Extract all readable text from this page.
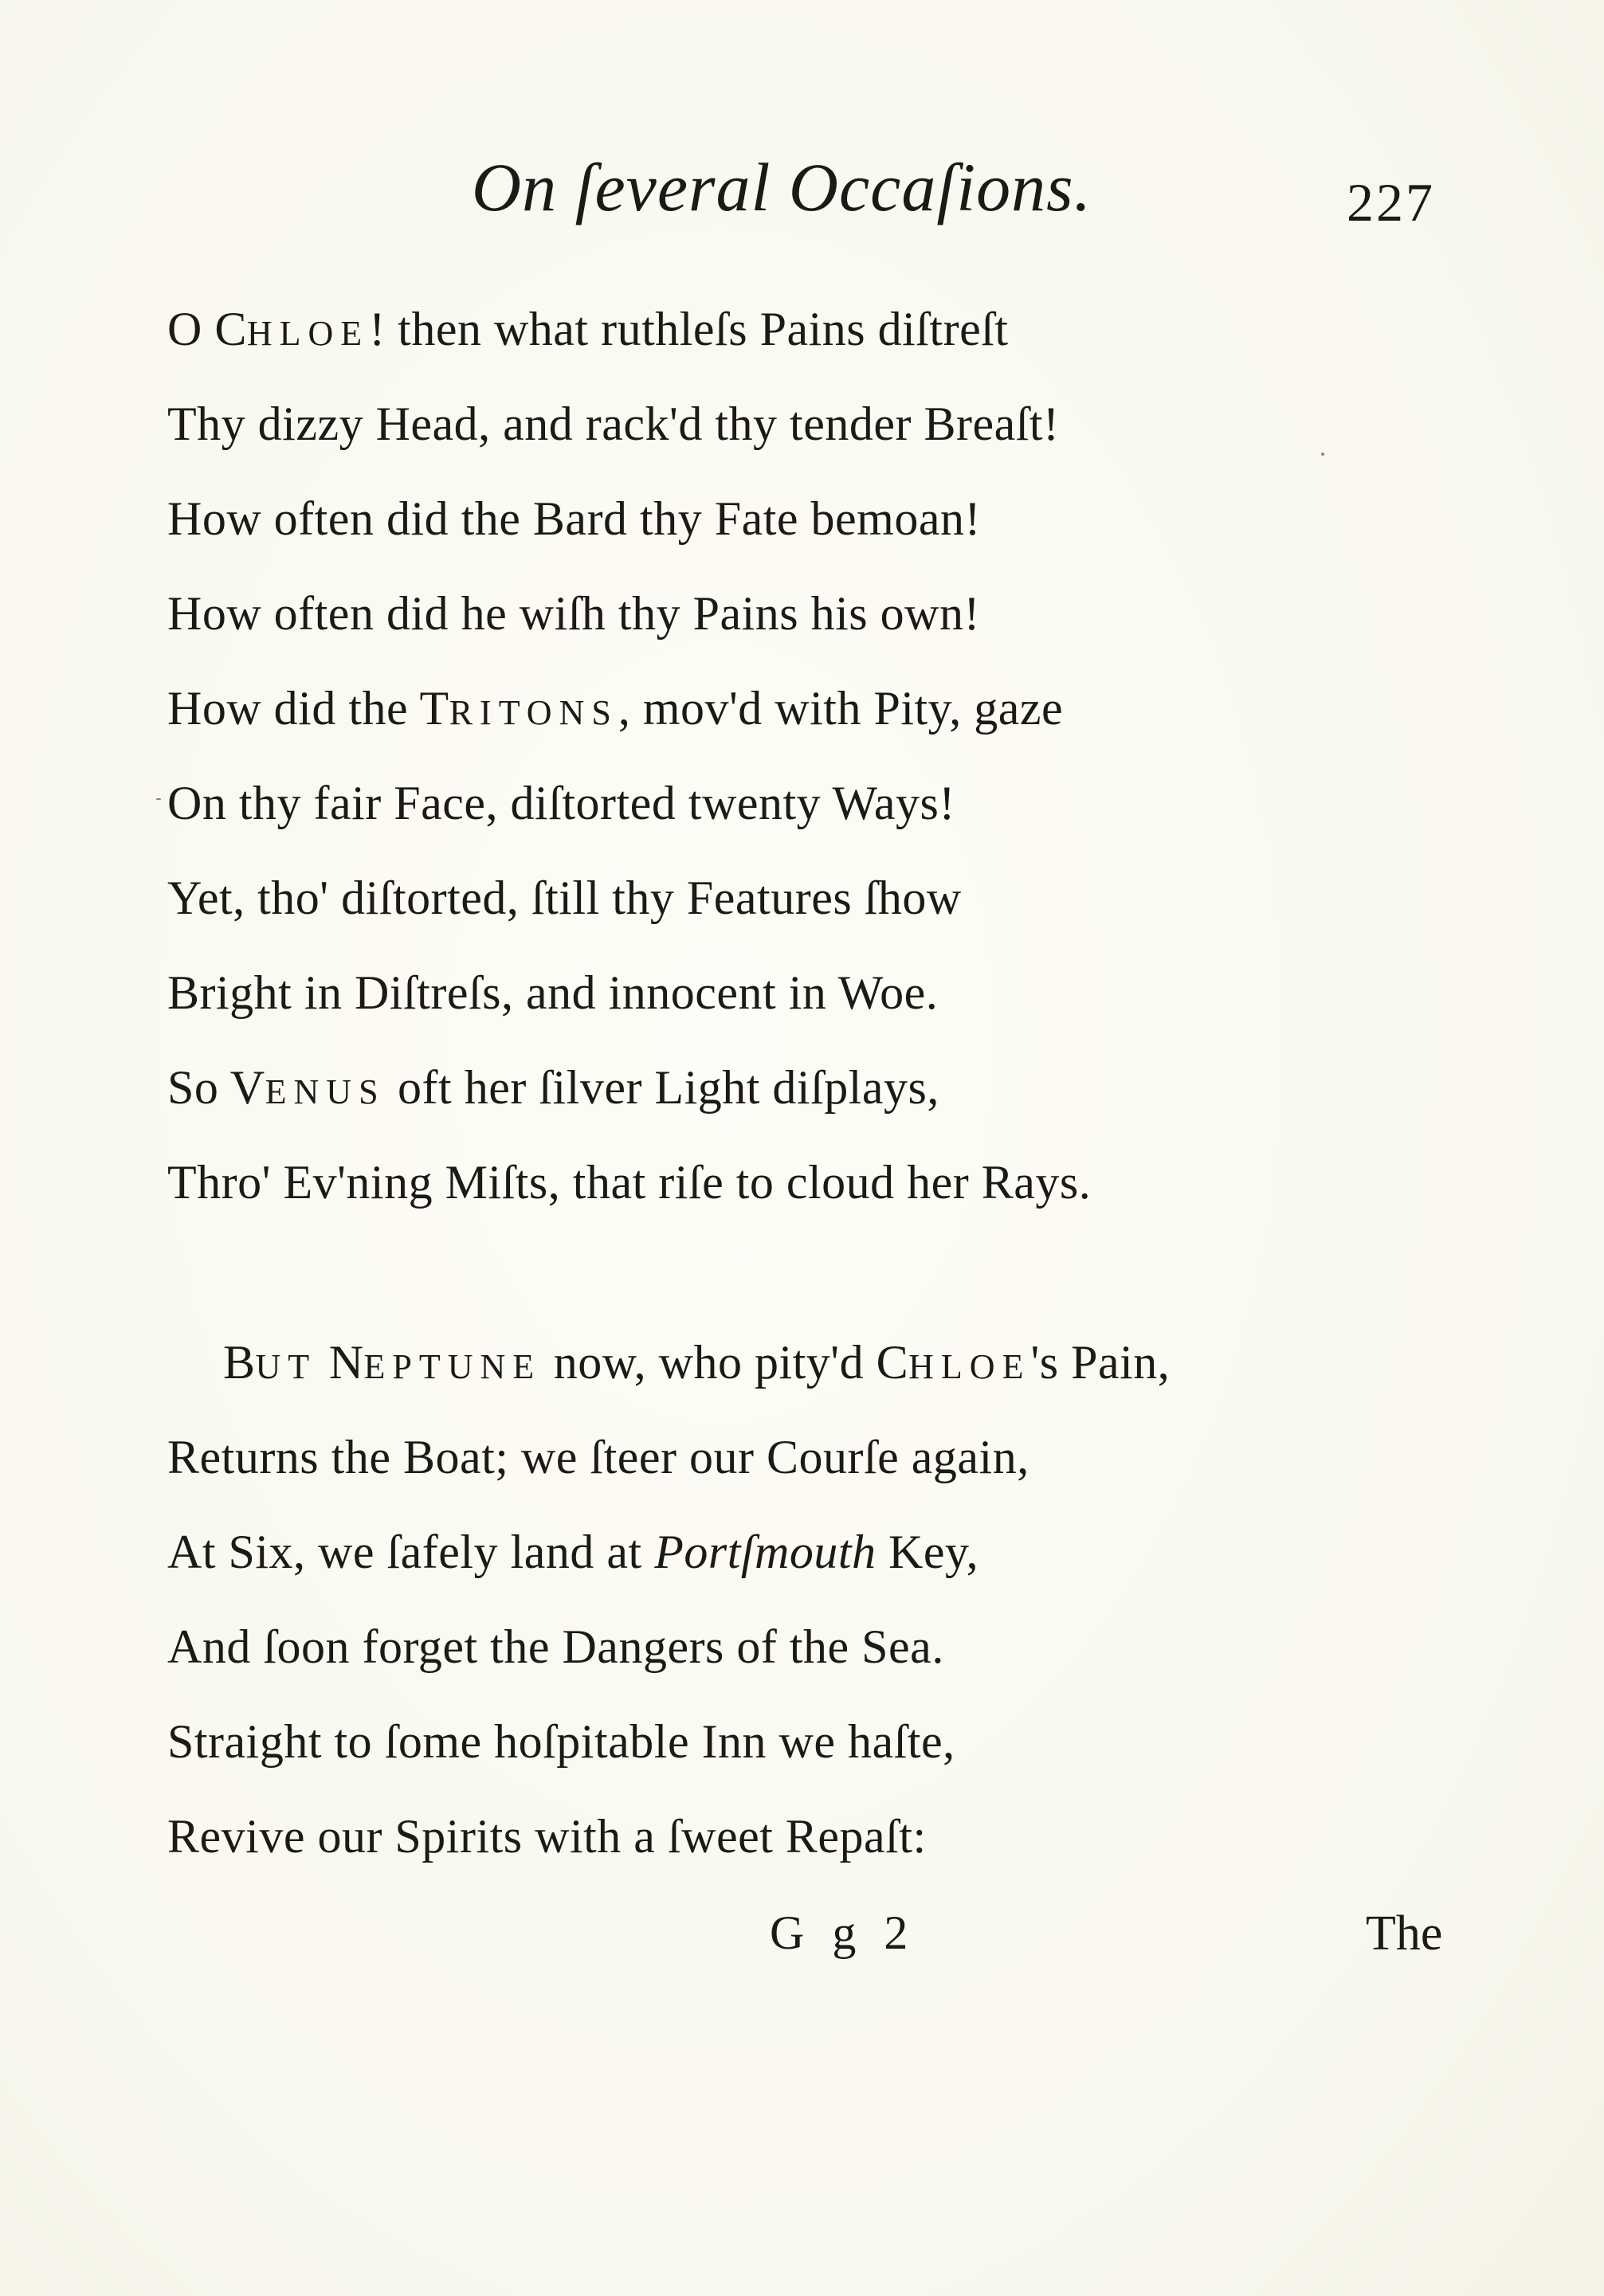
On ſeveral Occaſions.	227
O CHLOE! then what ruthleſs Pains diſtreſt
Thy dizzy Head, and rack'd thy tender Breaſt!
How often did the Bard thy Fate bemoan!
How often did he wiſh thy Pains his own!
How did the TRITONS, mov'd with Pity, gaze
On thy fair Face, diſtorted twenty Ways!
Yet, tho' diſtorted, ſtill thy Features ſhow
Bright in Diſtreſs, and innocent in Woe.
So VENUS oft her ſilver Light diſplays,
Thro' Ev'ning Miſts, that riſe to cloud her Rays.
BUT NEPTUNE now, who pity'd CHLOE's Pain,
Returns the Boat; we ſteer our Courſe again,
At Six, we ſafely land at Portſmouth Key,
And ſoon forget the Dangers of the Sea.
Straight to ſome hoſpitable Inn we haſte,
Revive our Spirits with a ſweet Repaſt:
G g 2	The
